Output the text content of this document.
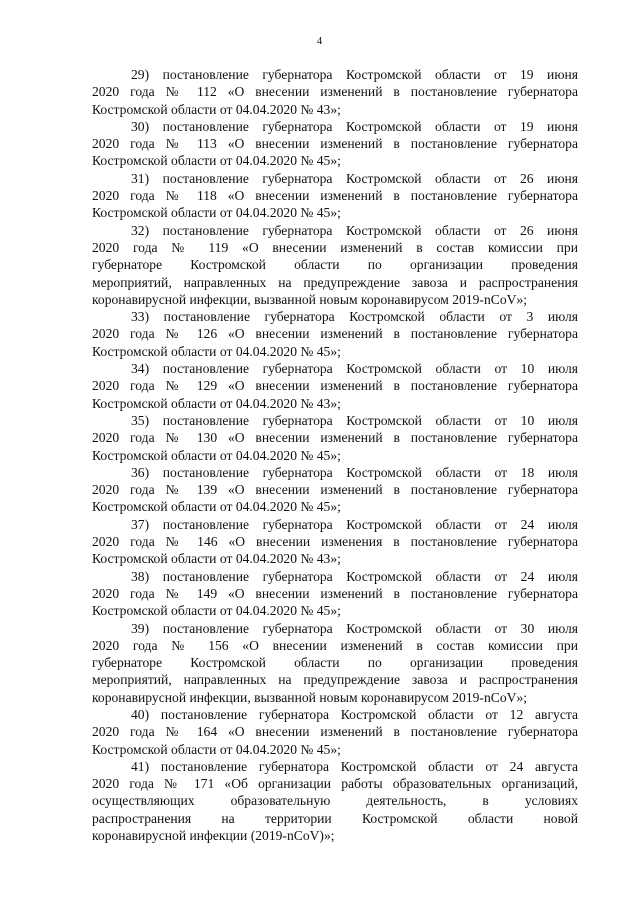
4
29) постановление губернатора Костромской области от 19 июня
2020 года № 112 «О внесении изменений в постановление губернатора
Костромской области от 04.04.2020 № 43»;
30) постановление губернатора Костромской области от 19 июня
2020 года № 113 «О внесении изменений в постановление губернатора
Костромской области от 04.04.2020 № 45»;
31) постановление губернатора Костромской области от 26 июня
2020 года № 118 «О внесении изменений в постановление губернатора
Костромской области от 04.04.2020 № 45»;
32) постановление губернатора Костромской области от 26 июня
2020 года № 119 «О внесении изменений в состав комиссии при
губернаторе Костромской области по организации проведения
мероприятий, направленных на предупреждение завоза и распространения
коронавирусной инфекции, вызванной новым коронавирусом 2019-nCoV»;
33) постановление губернатора Костромской области от 3 июля
2020 года № 126 «О внесении изменений в постановление губернатора
Костромской области от 04.04.2020 № 45»;
34) постановление губернатора Костромской области от 10 июля
2020 года № 129 «О внесении изменений в постановление губернатора
Костромской области от 04.04.2020 № 43»;
35) постановление губернатора Костромской области от 10 июля
2020 года № 130 «О внесении изменений в постановление губернатора
Костромской области от 04.04.2020 № 45»;
36) постановление губернатора Костромской области от 18 июля
2020 года № 139 «О внесении изменений в постановление губернатора
Костромской области от 04.04.2020 № 45»;
37) постановление губернатора Костромской области от 24 июля
2020 года № 146 «О внесении изменения в постановление губернатора
Костромской области от 04.04.2020 № 43»;
38) постановление губернатора Костромской области от 24 июля
2020 года № 149 «О внесении изменений в постановление губернатора
Костромской области от 04.04.2020 № 45»;
39) постановление губернатора Костромской области от 30 июля
2020 года № 156 «О внесении изменений в состав комиссии при
губернаторе Костромской области по организации проведения
мероприятий, направленных на предупреждение завоза и распространения
коронавирусной инфекции, вызванной новым коронавирусом 2019-nCoV»;
40) постановление губернатора Костромской области от 12 августа
2020 года № 164 «О внесении изменений в постановление губернатора
Костромской области от 04.04.2020 № 45»;
41) постановление губернатора Костромской области от 24 августа
2020 года № 171 «Об организации работы образовательных организаций,
осуществляющих образовательную деятельность, в условиях
распространения на территории Костромской области новой
коронавирусной инфекции (2019-nCoV)»;
